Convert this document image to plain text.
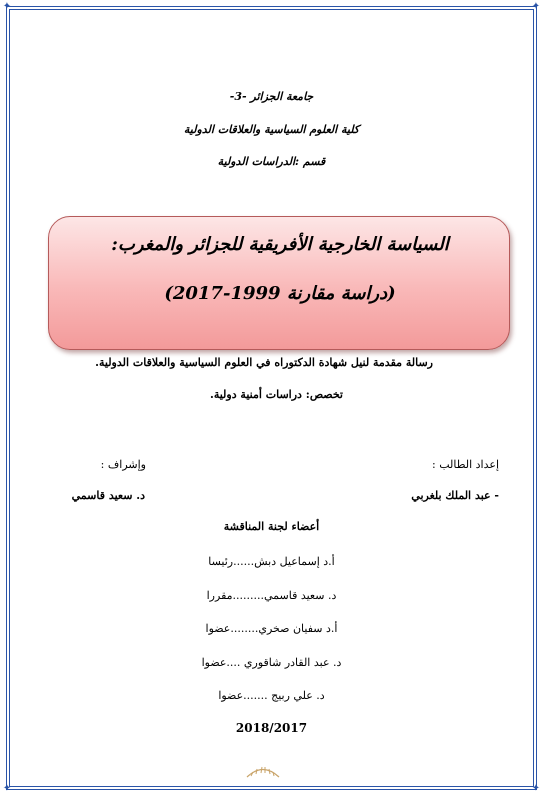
✦	✦
✦	✦
جامعة الجزائر -3-
كلية العلوم السياسية والعلاقات الدولية
قسم :الدراسات الدولية
السياسة الخارجية الأفريقية للجزائر والمغرب:
(دراسة مقارنة 1999-2017)
رسالة مقدمة لنيل شهادة الدكتوراه في العلوم السياسية والعلاقات الدولية.
تخصص: دراسات أمنية دولية.
إعداد الطالب :
وإشراف :
- عبد الملك بلغربي
د. سعيد قاسمي
أعضاء لجنة المناقشة
أ.د إسماعيل دبش......رئيسا
د. سعيد قاسمي.........مقررا
أ.د سفيان صخري........عضوا
د. عبد القادر شاقوري ....عضوا
د. علي ربيج .......عضوا
2018/2017
